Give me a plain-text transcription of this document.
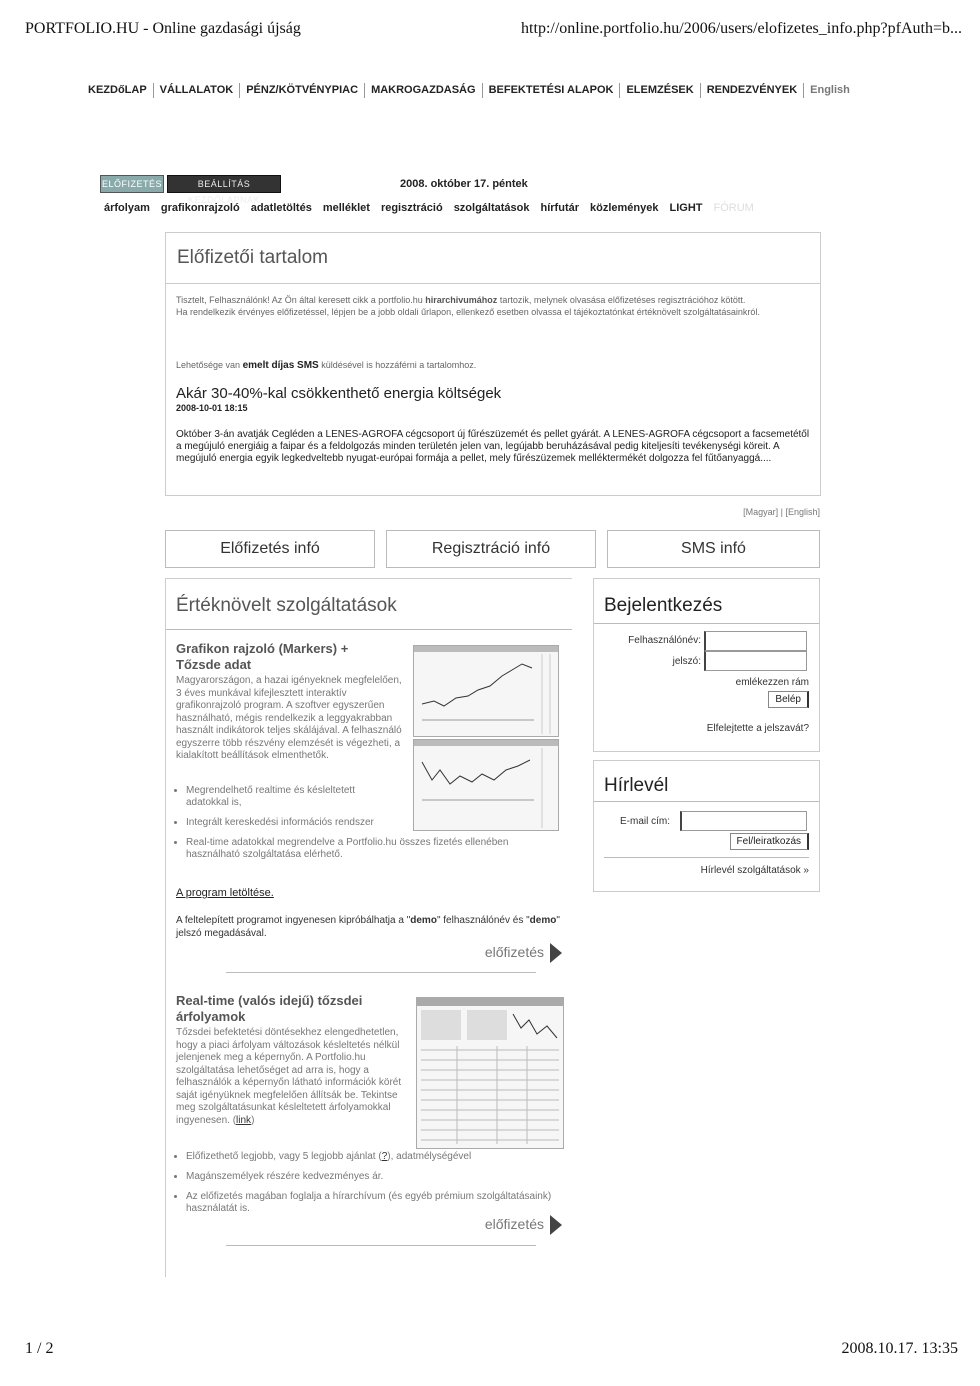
PORTFOLIO.HU - Online gazdasági újság	http://online.portfolio.hu/2006/users/elofizetes_info.php?pfAuth=b...
KEZDőLAP	VÁLLALATOK	PÉNZ/KÖTVÉNYPIAC	MAKROGAZDASÁG	BEFEKTETÉSI ALAPOK	ELEMZÉSEK	RENDEZVÉNYEK	English
ELŐFIZETÉS	BEÁLLÍTÁS KEZDŐLAPNAK
2008. október 17. péntek
árfolyam grafikonrajzoló adatletöltés melléklet regisztráció szolgáltatások hírfutár közlemények LIGHT FÓRUM
Előfizetői tartalom
Tisztelt, Felhasználónk! Az Ön által keresett cikk a portfolio.hu hirarchivumához tartozik, melynek olvasása előfizetéses regisztrációhoz kötött.
Ha rendelkezik érvényes előfizetéssel, lépjen be a jobb oldali űrlapon, ellenkező esetben olvassa el tájékoztatónkat értéknövelt szolgáltatásainkról.
Lehetősége van emelt díjas SMS küldésével is hozzáférni a tartalomhoz.
Akár 30-40%-kal csökkenthető energia költségek
2008-10-01 18:15
Október 3-án avatják Cegléden a LENES-AGROFA cégcsoport új fűrészüzemét és pellet gyárát. A LENES-AGROFA cégcsoport a facsemetétől a megújuló energiáig a faipar és a feldolgozás minden területén jelen van, legújabb beruházásával pedig kiteljesíti tevékenységi köreit. A megújuló energia egyik legkedveltebb nyugat-európai formája a pellet, mely fűrészüzemek melléktermékét dolgozza fel fűtőanyaggá....
[Magyar] | [English]
Előfizetés infó	Regisztráció infó	SMS infó
Értéknövelt szolgáltatások
Grafikon rajzoló (Markers) + Tőzsde adat
Magyarországon, a hazai igényeknek megfelelően, 3 éves munkával kifejlesztett interaktív grafikonrajzoló program. A szoftver egyszerűen használható, mégis rendelkezik a leggyakrabban használt indikátorok teljes skálájával. A felhasználó egyszerre több részvény elemzését is végezheti, a kialakított beállítások elmenthetők.
• Megrendelhető realtime és késleltetett adatokkal is,
• Integrált kereskedési információs rendszer
• Real-time adatokkal megrendelve a Portfolio.hu összes fizetés ellenében használható szolgáltatása elérhető.
A program letöltése.
A feltelepített programot ingyenesen kipróbálhatja a "demo" felhasználónév és "demo" jelszó megadásával.
előfizetés
Real-time (valós idejű) tőzsdei árfolyamok
Tőzsdei befektetési döntésekhez elengedhetetlen, hogy a piaci árfolyam változások késleltetés nélkül jelenjenek meg a képernyőn. A Portfolio.hu szolgáltatása lehetőséget ad arra is, hogy a felhasználók a képernyőn látható információk körét saját igényüknek megfelelően állítsák be. Tekintse meg szolgáltatásunkat késleltetett árfolyamokkal ingyenesen. (link)
• Előfizethető legjobb, vagy 5 legjobb ajánlat (?), adatmélységével
• Magánszemélyek részére kedvezményes ár.
• Az előfizetés magában foglalja a hírarchívum (és egyéb prémium szolgáltatásaink) használatát is.
előfizetés
Bejelentkezés
Felhasználónév:
jelszó:
emlékezzen rám
Belép
Elfelejtette a jelszavát?
Hírlevél
E-mail cím:
Fel/leiratkozás
Hírlevél szolgáltatások »
1 / 2	2008.10.17. 13:35
